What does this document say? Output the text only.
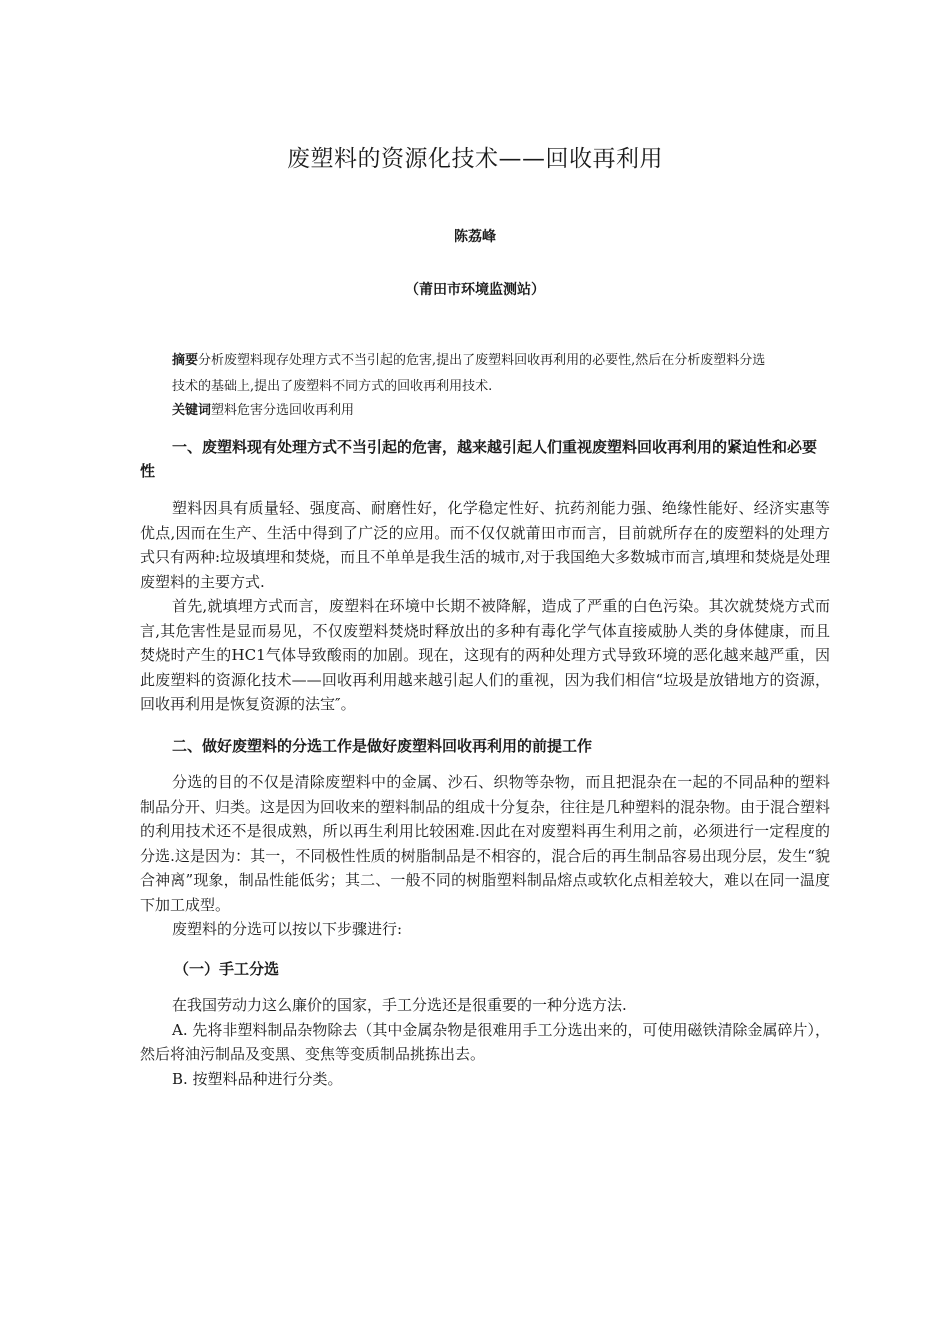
废塑料的资源化技术——回收再利用
陈荔峰
（莆田市环境监测站）
摘要分析废塑料现存处理方式不当引起的危害,提出了废塑料回收再利用的必要性,然后在分析废塑料分选
技术的基础上,提出了废塑料不同方式的回收再利用技术.
关键词塑料危害分选回收再利用
一、废塑料现有处理方式不当引起的危害，越来越引起人们重视废塑料回收再利用的紧迫性和必要性

塑料因具有质量轻、强度高、耐磨性好，化学稳定性好、抗药剂能力强、绝缘性能好、经济实惠等优点,因而在生产、生活中得到了广泛的应用。而不仅仅就莆田市而言，目前就所存在的废塑料的处理方式只有两种:垃圾填埋和焚烧，而且不单单是我生活的城市,对于我国绝大多数城市而言,填埋和焚烧是处理废塑料的主要方式.

首先,就填埋方式而言，废塑料在环境中长期不被降解，造成了严重的白色污染。其次就焚烧方式而言,其危害性是显而易见，不仅废塑料焚烧时释放出的多种有毒化学气体直接威胁人类的身体健康，而且焚烧时产生的HC1气体导致酸雨的加剧。现在，这现有的两种处理方式导致环境的恶化越来越严重，因此废塑料的资源化技术——回收再利用越来越引起人们的重视，因为我们相信“垃圾是放错地方的资源，回收再利用是恢复资源的法宝″。

二、做好废塑料的分选工作是做好废塑料回收再利用的前提工作

分选的目的不仅是清除废塑料中的金属、沙石、织物等杂物，而且把混杂在一起的不同品种的塑料制品分开、归类。这是因为回收来的塑料制品的组成十分复杂，往往是几种塑料的混杂物。由于混合塑料的利用技术还不是很成熟，所以再生利用比较困难.因此在对废塑料再生利用之前，必须进行一定程度的分选.这是因为：其一，不同极性性质的树脂制品是不相容的，混合后的再生制品容易出现分层，发生“貌合神离”现象，制品性能低劣；其二、一般不同的树脂塑料制品熔点或软化点相差较大，难以在同一温度下加工成型。

废塑料的分选可以按以下步骤进行:

（一）手工分选

在我国劳动力这么廉价的国家，手工分选还是很重要的一种分选方法.

A. 先将非塑料制品杂物除去（其中金属杂物是很难用手工分选出来的，可使用磁铁清除金属碎片），然后将油污制品及变黑、变焦等变质制品挑拣出去。

B. 按塑料品种进行分类。
